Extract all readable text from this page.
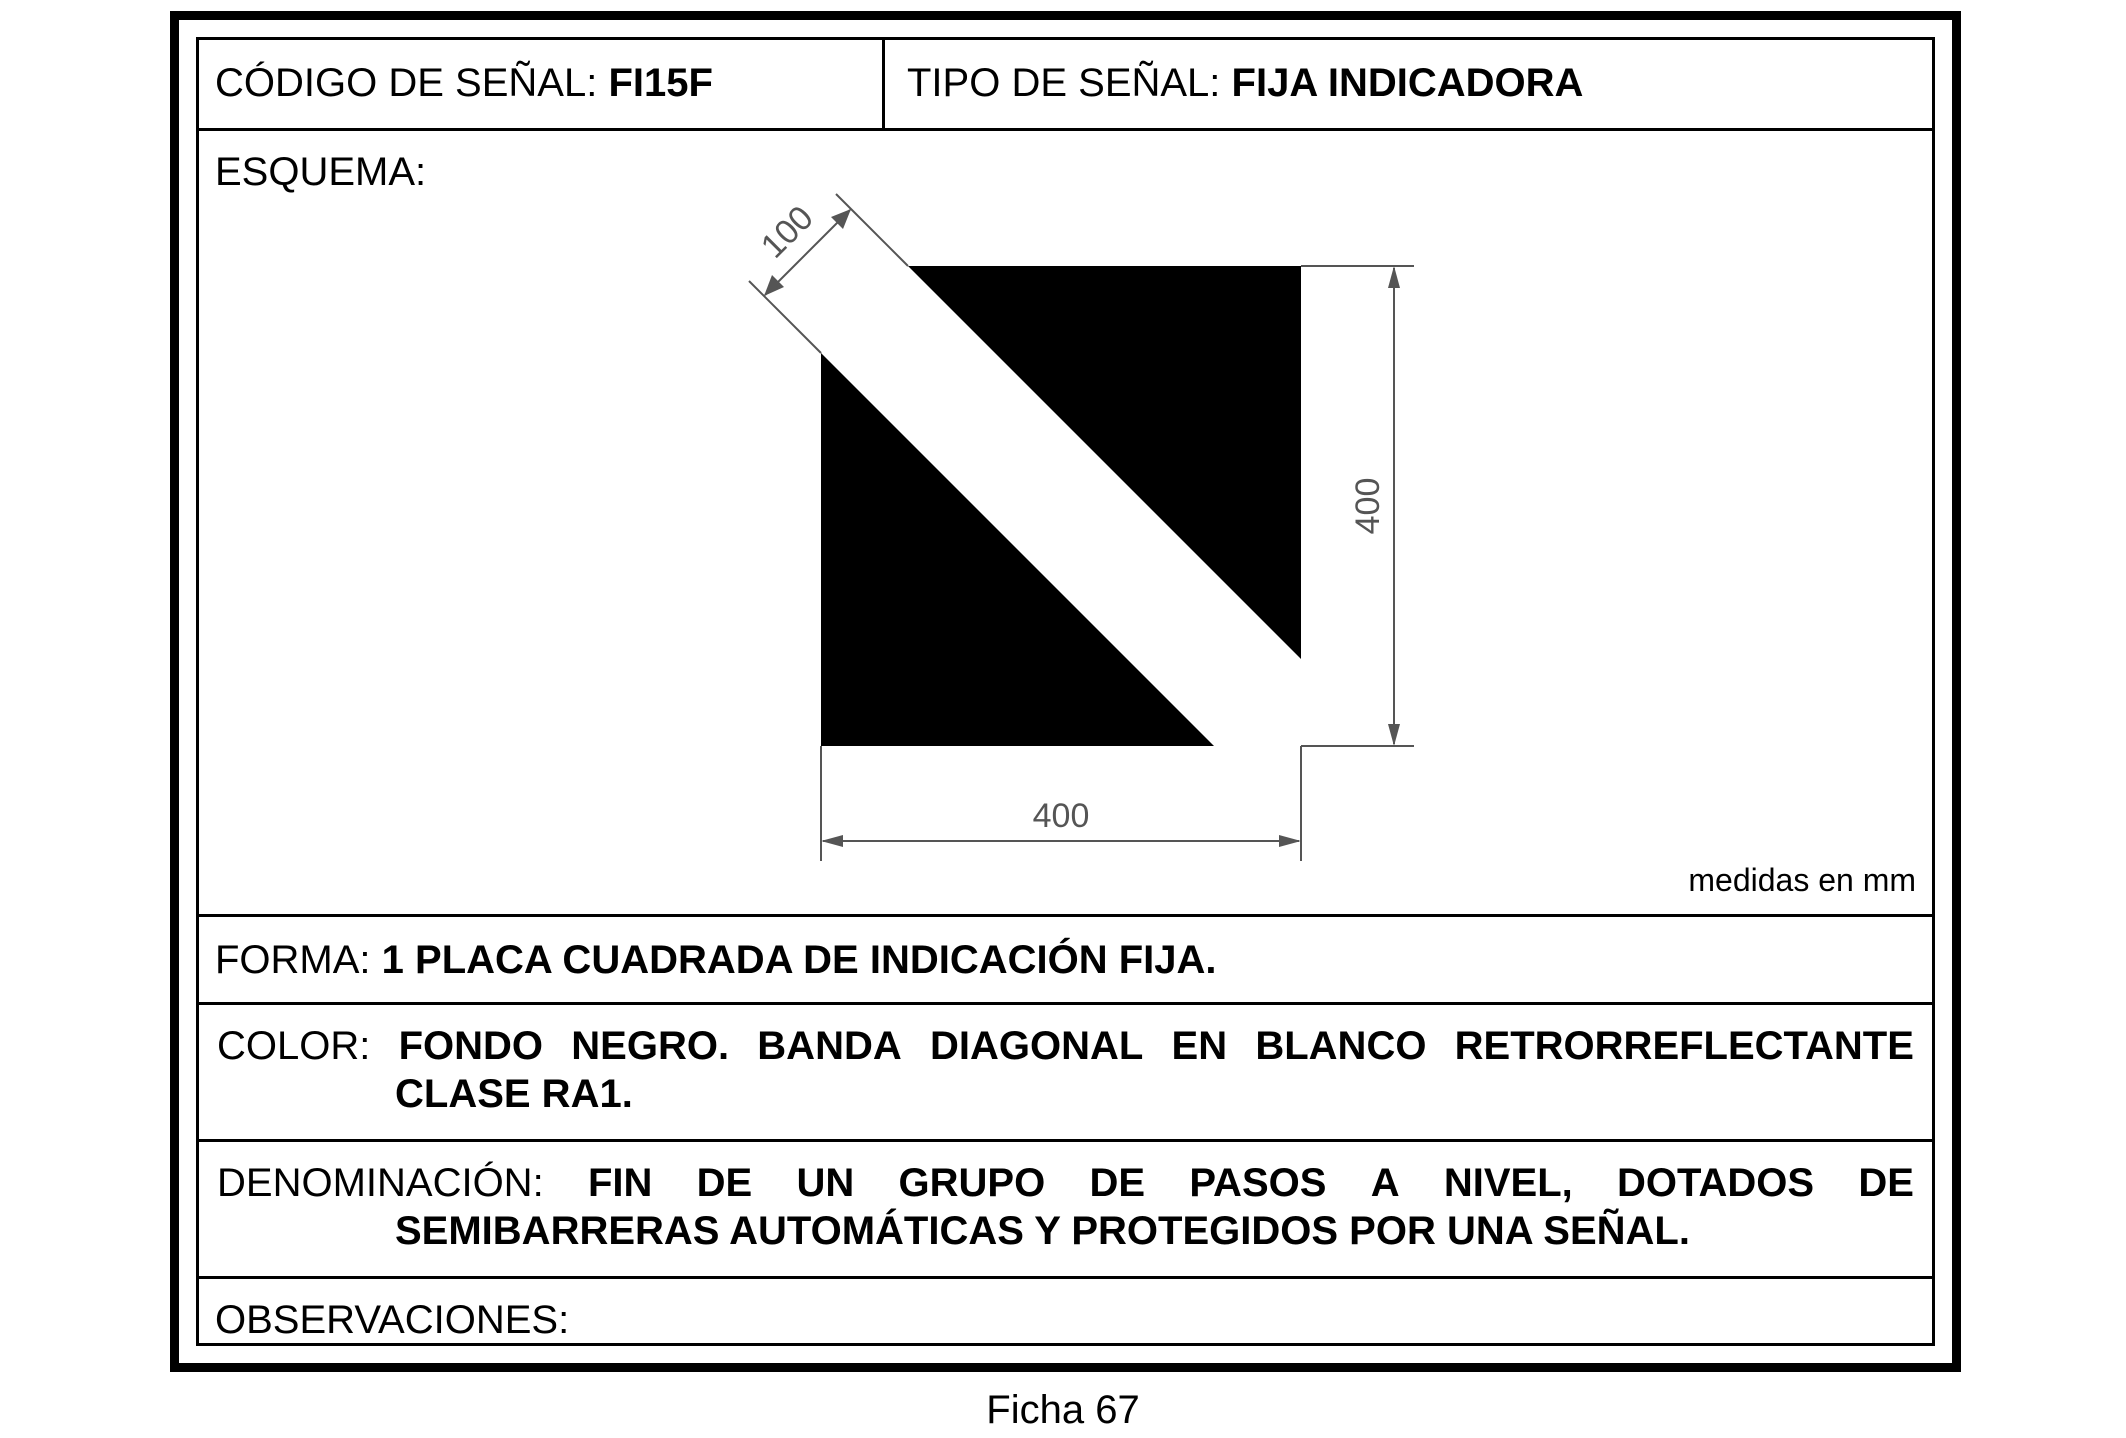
CÓDIGO DE SEÑAL: FI15F	TIPO DE SEÑAL: FIJA INDICADORA
ESQUEMA:
400
400
100
medidas en mm
FORMA: 1 PLACA CUADRADA DE INDICACIÓN FIJA.
COLOR: FONDO NEGRO. BANDA DIAGONAL EN BLANCO RETRORREFLECTANTE
CLASE RA1.
DENOMINACIÓN: FIN DE UN GRUPO DE PASOS A NIVEL, DOTADOS DE
SEMIBARRERAS AUTOMÁTICAS Y PROTEGIDOS POR UNA SEÑAL.
OBSERVACIONES:
Ficha 67
